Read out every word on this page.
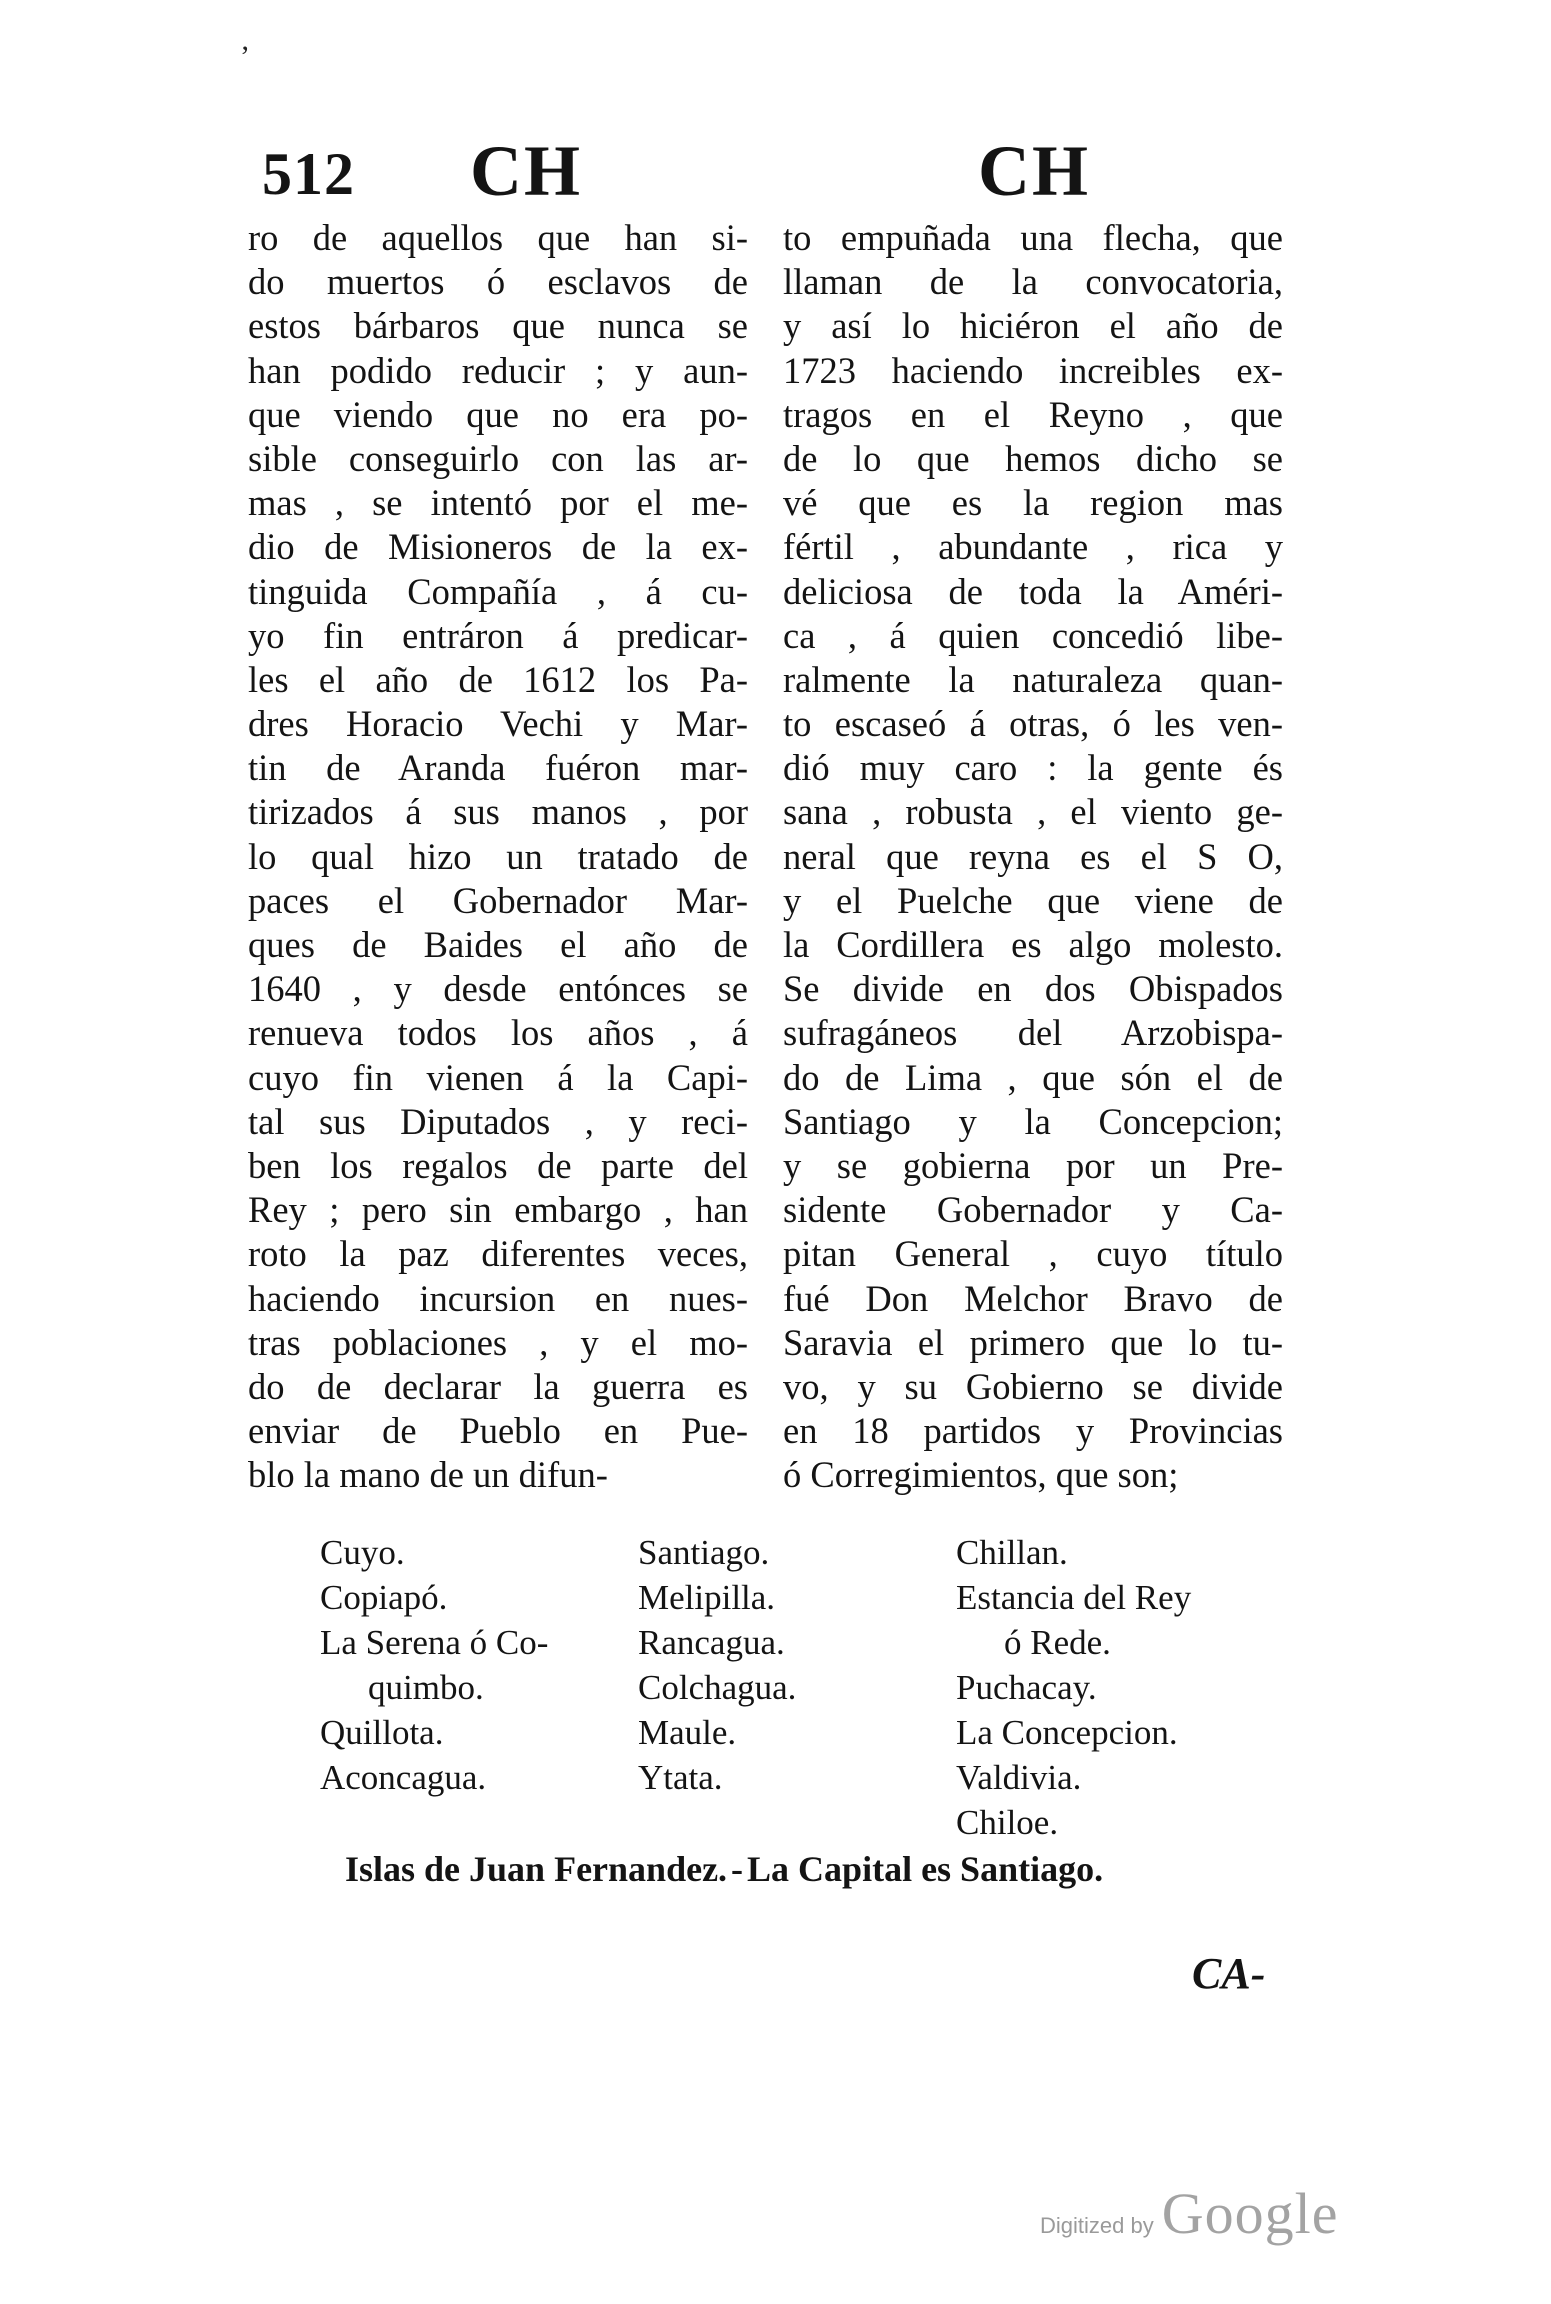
’
512 CH	CH
ro de aquellos que han si-
do muertos ó esclavos de
estos bárbaros que nunca se
han podido reducir ; y aun-
que viendo que no era po-
sible conseguirlo con las ar-
mas , se intentó por el me-
dio de Misioneros de la ex-
tinguida Compañía , á cu-
yo fin entráron á predicar-
les el año de 1612 los Pa-
dres Horacio Vechi y Mar-
tin de Aranda fuéron mar-
tirizados á sus manos , por
lo qual hizo un tratado de
paces el Gobernador Mar-
ques de Baides el año de
1640 , y desde entónces se
renueva todos los años , á
cuyo fin vienen á la Capi-
tal sus Diputados , y reci-
ben los regalos de parte del
Rey ; pero sin embargo , han
roto la paz diferentes veces,
haciendo incursion en nues-
tras poblaciones , y el mo-
do de declarar la guerra es
enviar de Pueblo en Pue-
blo la mano de un difun-
to empuñada una flecha, que
llaman de la convocatoria,
y así lo hiciéron el año de
1723 haciendo increibles ex-
tragos en el Reyno , que
de lo que hemos dicho se
vé que es la region mas
fértil , abundante , rica y
deliciosa de toda la Améri-
ca , á quien concedió libe-
ralmente la naturaleza quan-
to escaseó á otras, ó les ven-
dió muy caro : la gente és
sana , robusta , el viento ge-
neral que reyna es el S O,
y el Puelche que viene de
la Cordillera es algo molesto.
Se divide en dos Obispados
sufragáneos del Arzobispa-
do de Lima , que són el de
Santiago y la Concepcion;
y se gobierna por un Pre-
sidente Gobernador y Ca-
pitan General , cuyo título
fué Don Melchor Bravo de
Saravia el primero que lo tu-
vo, y su Gobierno se divide
en 18 partidos y Provincias
ó Corregimientos, que son;
Cuyo.
Copiapó.
La Serena ó Co-
quimbo.
Quillota.
Aconcagua.
Santiago.
Melipilla.
Rancagua.
Colchagua.
Maule.
Ytata.
Chillan.
Estancia del Rey
ó Rede.
Puchacay.
La Concepcion.
Valdivia.
Chiloe.
Islas de Juan Fernandez. - La Capital es Santiago.
CA-
Digitized by Google
